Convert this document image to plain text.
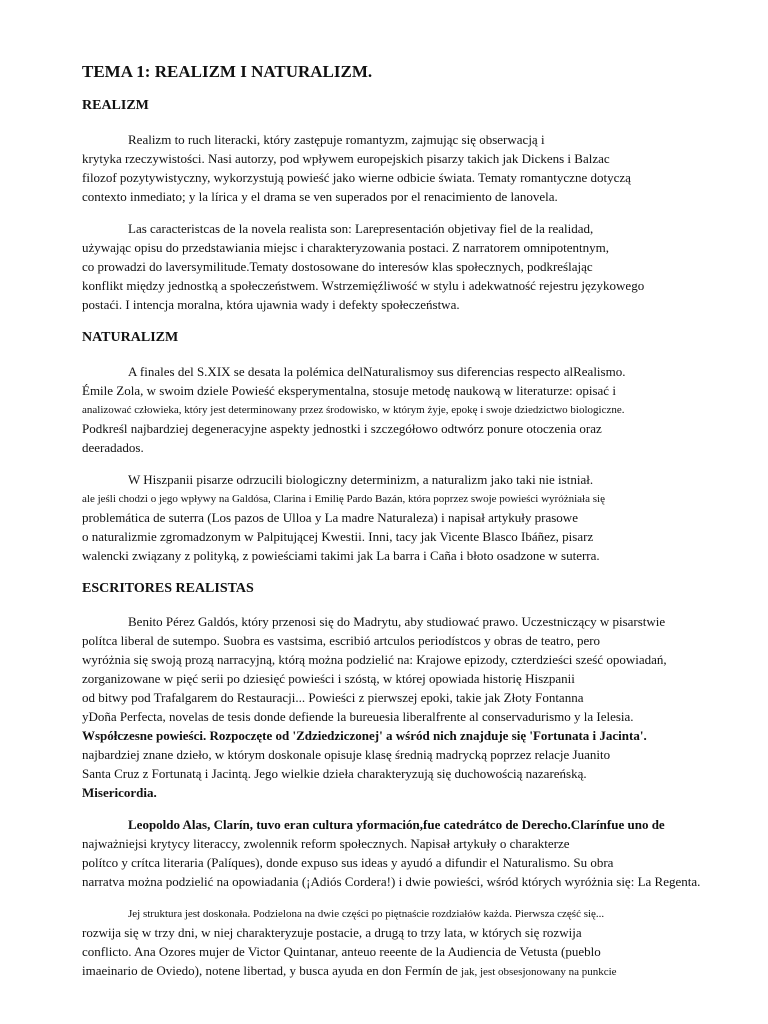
TEMA 1: REALIZM I NATURALIZM.
REALIZM
Realizm to ruch literacki, który zastępuje romantyzm, zajmując się obserwacją i
krytyka rzeczywistości. Nasi autorzy, pod wpływem europejskich pisarzy takich jak Dickens i Balzac
filozof pozytywistyczny, wykorzystują powieść jako wierne odbicie świata. Tematy romantyczne dotyczą
contexto inmediato; y la lírica y el drama se ven superados por el renacimiento de lanovela.
Las caracteristcas de la novela realista son: Larepresentación objetivay fiel de la realidad,
używając opisu do przedstawiania miejsc i charakteryzowania postaci. Z narratorem omnipotentnym,
co prowadzi do laversymilitude.Tematy dostosowane do interesów klas społecznych, podkreślając
konflikt między jednostką a społeczeństwem. Wstrzemięźliwość w stylu i adekwatność rejestru językowego
postaći. I intencja moralna, która ujawnia wady i defekty społeczeństwa.
NATURALIZM
A finales del S.XIX se desata la polémica delNaturalismoy sus diferencias respecto alRealismo.
Émile Zola, w swoim dziele Powieść eksperymentalna, stosuje metodę naukową w literaturze: opisać i
analizować człowieka, który jest determinowany przez środowisko, w którym żyje, epokę i swoje dziedzictwo biologiczne.
Podkreśl najbardziej degeneracyjne aspekty jednostki i szczegółowo odtwórz ponure otoczenia oraz
deeradados.
W Hiszpanii pisarze odrzucili biologiczny determinizm, a naturalizm jako taki nie istniał.
ale jeśli chodzi o jego wpływy na Galdósa, Clarina i Emilię Pardo Bazán, która poprzez swoje powieści wyróżniała się
problemática de suterra (Los pazos de Ulloa y La madre Naturaleza) i napisał artykuły prasowe
o naturalizmie zgromadzonym w Palpitującej Kwestii. Inni, tacy jak Vicente Blasco Ibáñez, pisarz
walencki związany z polityką, z powieściami takimi jak La barra i Caña i błoto osadzone w suterra.
ESCRITORES REALISTAS
Benito Pérez Galdós, który przenosi się do Madrytu, aby studiować prawo. Uczestniczący w pisarstwie
polítca liberal de sutempo. Suobra es vastsima, escribió artculos periodístcos y obras de teatro, pero
wyróżnia się swoją prozą narracyjną, którą można podzielić na: Krajowe epizody, czterdzieści sześć opowiadań,
zorganizowane w pięć serii po dziesięć powieści i szóstą, w której opowiada historię Hiszpanii
od bitwy pod Trafalgarem do Restauracji... Powieści z pierwszej epoki, takie jak Złoty Fontanna
yDoña Perfecta, novelas de tesis donde defiende la bureuesia liberalfrente al conservadurismo y la Ielesia.
Współczesne powieści. Rozpoczęte od 'Zdziedziczonej' a wśród nich znajduje się 'Fortunata i Jacinta'.
najbardziej znane dzieło, w którym doskonale opisuje klasę średnią madrycką poprzez relacje Juanito
Santa Cruz z Fortunatą i Jacintą. Jego wielkie dzieła charakteryzują się duchowością nazareńską.
Misericordia.
Leopoldo Alas, Clarín, tuvo eran cultura yformación,fue catedrátco de Derecho.Clarínfue uno de
najważniejsi krytycy literaccy, zwolennik reform społecznych. Napisał artykuły o charakterze
polítco y crítca literaria (Palíques), donde expuso sus ideas y ayudó a difundir el Naturalismo. Su obra
narratva można podzielić na opowiadania (¡Adiós Cordera!) i dwie powieści, wśród których wyróżnia się: La Regenta.
Jej struktura jest doskonała. Podzielona na dwie części po piętnaście rozdziałów każda. Pierwsza część się...
rozwija się w trzy dni, w niej charakteryzuje postacie, a drugą to trzy lata, w których się rozwija
conflicto. Ana Ozores mujer de Victor Quintanar, anteuo reeente de la Audiencia de Vetusta (pueblo
imaeinario de Oviedo), notene libertad, y busca ayuda en don Fermín de jak, jest obsesjonowany na punkcie
